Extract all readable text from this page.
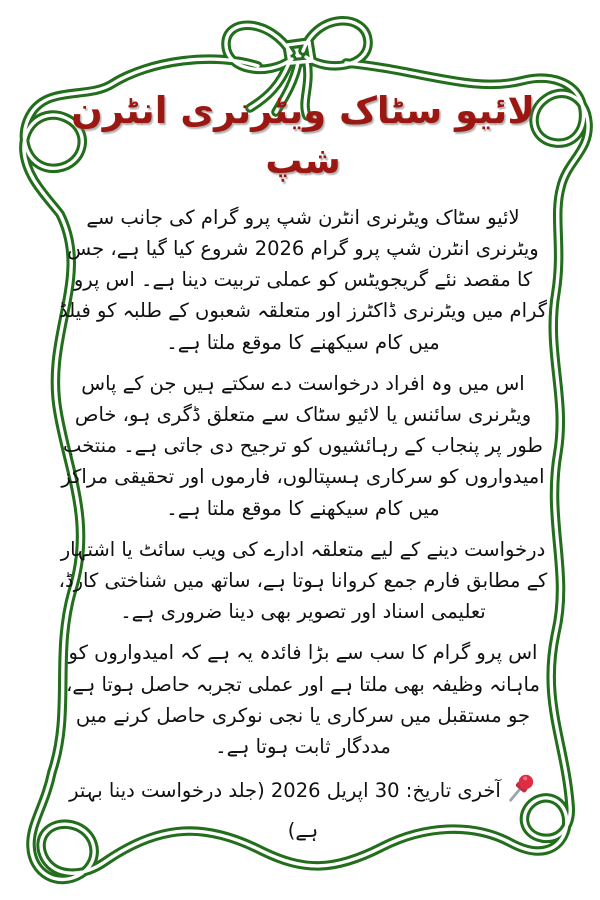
لائیو سٹاک ویٹرنری انٹرن شپ

لائیو سٹاک ویٹرنری انٹرن شپ پرو گرام کی جانب سے ویٹرنری انٹرن شپ پرو گرام 2026 شروع کیا گیا ہے، جس کا مقصد نئے گریجویٹس کو عملی تربیت دینا ہے۔ اس پرو گرام میں ویٹرنری ڈاکٹرز اور متعلقہ شعبوں کے طلبہ کو فیلڈ میں کام سیکھنے کا موقع ملتا ہے۔

اس میں وہ افراد درخواست دے سکتے ہیں جن کے پاس ویٹرنری سائنس یا لائیو سٹاک سے متعلق ڈگری ہو، خاص طور پر پنجاب کے رہائشیوں کو ترجیح دی جاتی ہے۔ منتخب امیدواروں کو سرکاری ہسپتالوں، فارموں اور تحقیقی مراکز میں کام سیکھنے کا موقع ملتا ہے۔

درخواست دینے کے لیے متعلقہ ادارے کی ویب سائٹ یا اشتہار کے مطابق فارم جمع کروانا ہوتا ہے، ساتھ میں شناختی کارڈ، تعلیمی اسناد اور تصویر بھی دینا ضروری ہے۔

اس پرو گرام کا سب سے بڑا فائدہ یہ ہے کہ امیدواروں کو ماہانہ وظیفہ بھی ملتا ہے اور عملی تجربہ حاصل ہوتا ہے، جو مستقبل میں سرکاری یا نجی نوکری حاصل کرنے میں مددگار ثابت ہوتا ہے۔

آخری تاریخ: 30 اپریل 2026 (جلد درخواست دینا بہتر ہے)
